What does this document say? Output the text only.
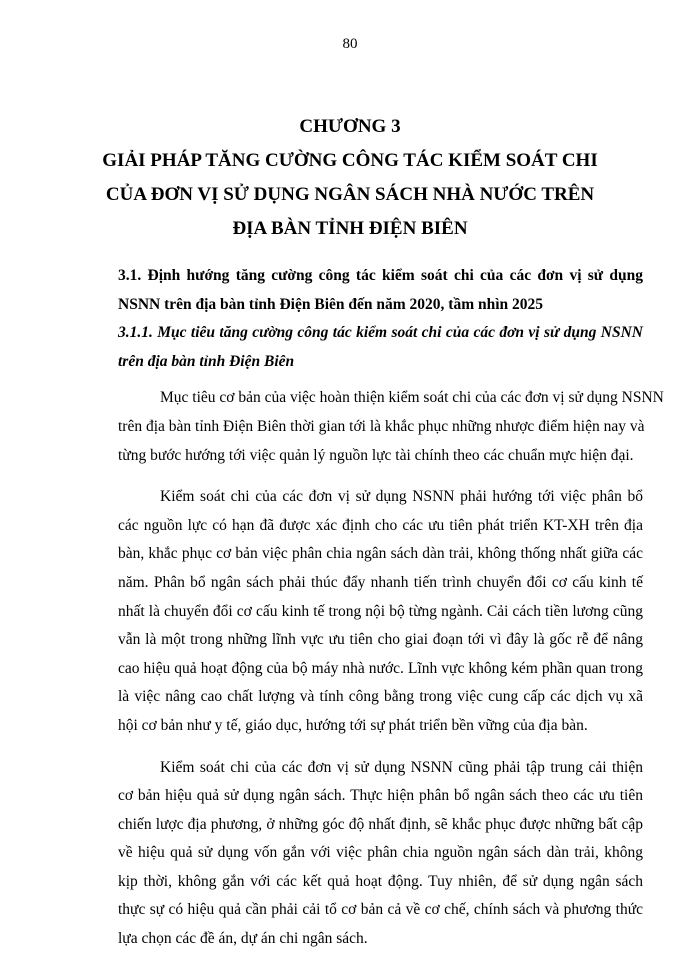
80
CHƯƠNG 3
GIẢI PHÁP TĂNG CƯỜNG CÔNG TÁC KIỂM SOÁT CHI
CỦA ĐƠN VỊ SỬ DỤNG NGÂN SÁCH NHÀ NƯỚC TRÊN
ĐỊA BÀN TỈNH ĐIỆN BIÊN
3.1. Định hướng tăng cường công tác kiểm soát chi của các đơn vị sử dụng
NSNN trên địa bàn tỉnh Điện Biên đến năm 2020, tầm nhìn 2025
3.1.1. Mục tiêu tăng cường công tác kiểm soát chi của các đơn vị sử dụng NSNN
trên địa bàn tỉnh Điện Biên
Mục tiêu cơ bản của việc hoàn thiện kiểm soát chi của các đơn vị sử dụng NSNN
trên địa bàn tỉnh Điện Biên thời gian tới là khắc phục những nhược điểm hiện nay và
từng bước hướng tới việc quản lý nguồn lực tài chính theo các chuẩn mực hiện đại.
Kiểm soát chi của các đơn vị sử dụng NSNN phải hướng tới việc phân bổ
các nguồn lực có hạn đã được xác định cho các ưu tiên phát triển KT-XH trên địa
bàn, khắc phục cơ bản việc phân chia ngân sách dàn trải, không thống nhất giữa các
năm. Phân bổ ngân sách phải thúc đẩy nhanh tiến trình chuyển đổi cơ cấu kinh tế
nhất là chuyển đổi cơ cấu kinh tế trong nội bộ từng ngành. Cải cách tiền lương cũng
vẫn là một trong những lĩnh vực ưu tiên cho giai đoạn tới vì đây là gốc rễ để nâng
cao hiệu quả hoạt động của bộ máy nhà nước. Lĩnh vực không kém phần quan trong
là việc nâng cao chất lượng và tính công bằng trong việc cung cấp các dịch vụ xã
hội cơ bản như y tế, giáo dục, hướng tới sự phát triển bền vững của địa bàn.
Kiểm soát chi của các đơn vị sử dụng NSNN cũng phải tập trung cải thiện
cơ bản hiệu quả sử dụng ngân sách. Thực hiện phân bổ ngân sách theo các ưu tiên
chiến lược địa phương, ở những góc độ nhất định, sẽ khắc phục được những bất cập
về hiệu quả sử dụng vốn gắn với việc phân chia nguồn ngân sách dàn trải, không
kịp thời, không gắn với các kết quả hoạt động. Tuy nhiên, để sử dụng ngân sách
thực sự có hiệu quả cần phải cải tổ cơ bản cả về cơ chế, chính sách và phương thức
lựa chọn các đề án, dự án chi ngân sách.
